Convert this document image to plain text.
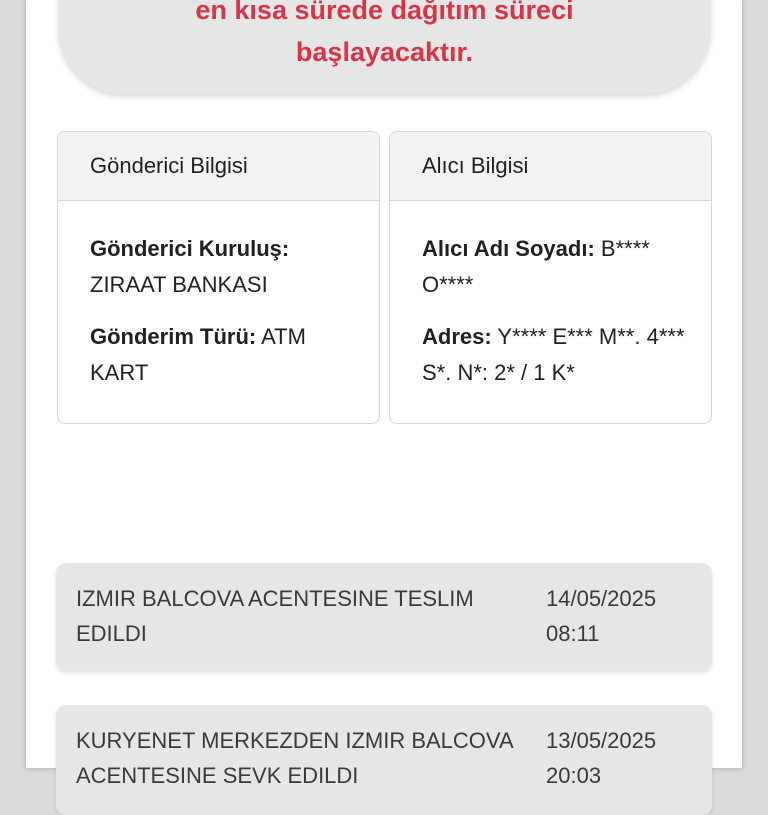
en kısa sürede dağıtım süreci
başlayacaktır.
Gönderici Bilgisi
Gönderici Kuruluş:
ZIRAAT BANKASI
Gönderim Türü: ATM KART
Alıcı Bilgisi
Alıcı Adı Soyadı: B**** O****
Adres: Y**** E*** M**. 4*** S*. N*: 2* / 1 K*
IZMIR BALCOVA ACENTESINE TESLIM EDILDI
14/05/2025
08:11
KURYENET MERKEZDEN IZMIR BALCOVA ACENTESINE SEVK EDILDI
13/05/2025
20:03
